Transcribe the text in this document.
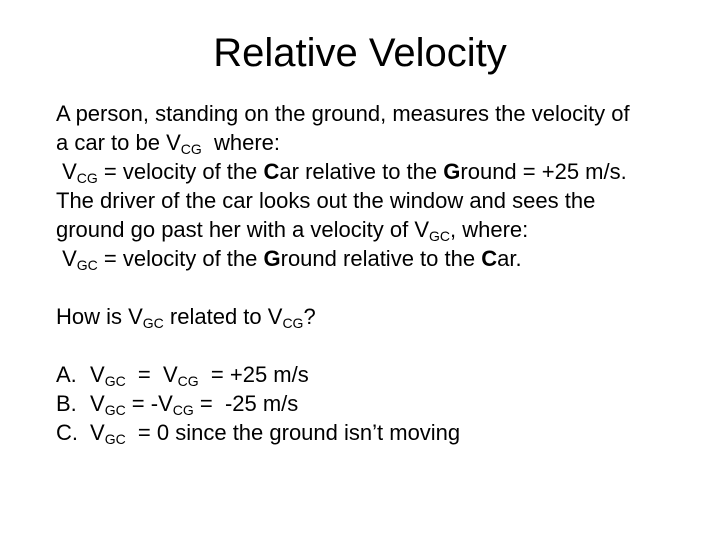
Relative Velocity
A person, standing on the ground, measures the velocity of
a car to be $V_{CG}$  where:
$V_{CG}$ = velocity of the Car relative to the Ground = +25 m/s.
The driver of the car looks out the window and sees the
ground go past her with a velocity of $V_{GC}$, where:
$V_{GC}$ = velocity of the Ground relative to the Car.
How is $V_{GC}$ related to $V_{CG}$?
A. $V_{GC} = V_{CG} = +25$ m/s
B. $V_{GC} = -V_{CG} = -25$ m/s
C. $V_{GC} = 0$ since the ground isn’t moving
